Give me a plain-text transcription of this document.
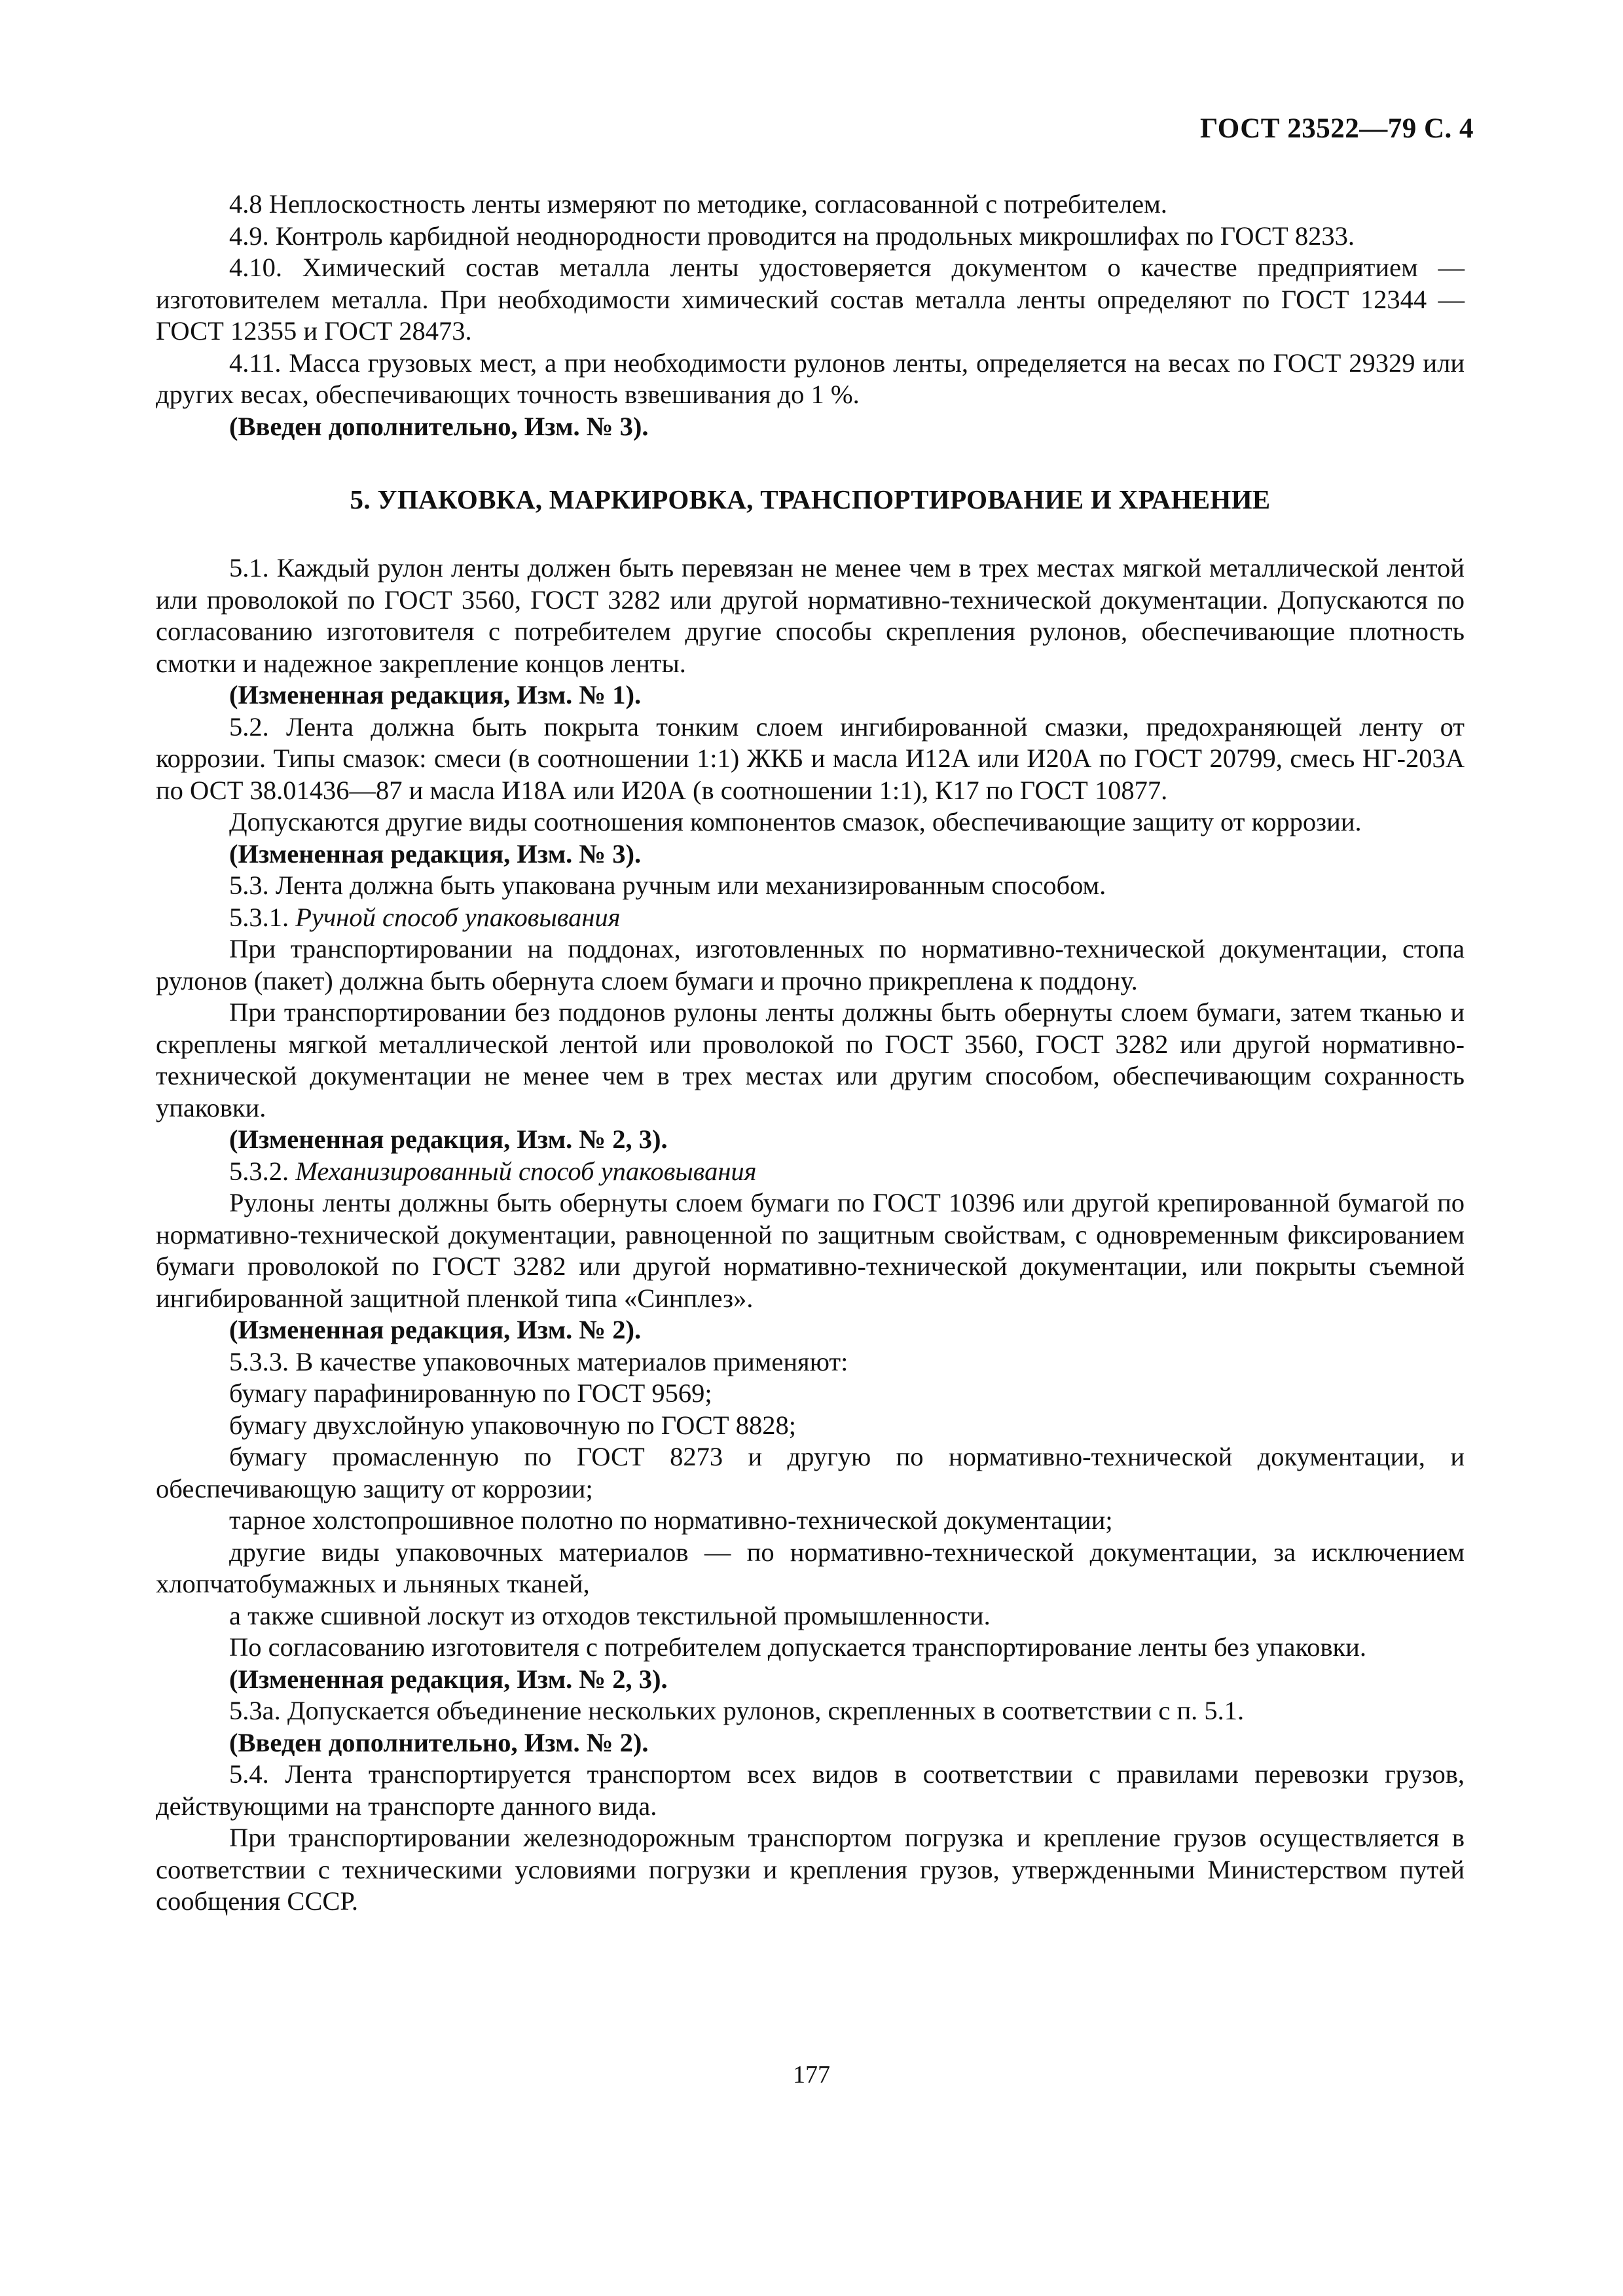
ГОСТ 23522—79 С. 4

4.8 Неплоскостность ленты измеряют по методике, согласованной с потребителем.

4.9. Контроль карбидной неоднородности проводится на продольных микрошлифах по ГОСТ 8233.

4.10. Химический состав металла ленты удостоверяется документом о качестве предприятием — изготовителем металла. При необходимости химический состав металла ленты определяют по ГОСТ 12344 — ГОСТ 12355 и ГОСТ 28473.

4.11. Масса грузовых мест, а при необходимости рулонов ленты, определяется на весах по ГОСТ 29329 или других весах, обеспечивающих точность взвешивания до 1 %.

(Введен дополнительно, Изм. № 3).

5. УПАКОВКА, МАРКИРОВКА, ТРАНСПОРТИРОВАНИЕ И ХРАНЕНИЕ

5.1. Каждый рулон ленты должен быть перевязан не менее чем в трех местах мягкой металлической лентой или проволокой по ГОСТ 3560, ГОСТ 3282 или другой нормативно-технической документации. Допускаются по согласованию изготовителя с потребителем другие способы скрепления рулонов, обеспечивающие плотность смотки и надежное закрепление концов ленты.

(Измененная редакция, Изм. № 1).

5.2. Лента должна быть покрыта тонким слоем ингибированной смазки, предохраняющей ленту от коррозии. Типы смазок: смеси (в соотношении 1:1) ЖКБ и масла И12А или И20А по ГОСТ 20799, смесь НГ-203А по ОСТ 38.01436—87 и масла И18А или И20А (в соотношении 1:1), К17 по ГОСТ 10877.

Допускаются другие виды соотношения компонентов смазок, обеспечивающие защиту от коррозии.

(Измененная редакция, Изм. № 3).

5.3. Лента должна быть упакована ручным или механизированным способом.

5.3.1. Ручной способ упаковывания

При транспортировании на поддонах, изготовленных по нормативно-технической документации, стопа рулонов (пакет) должна быть обернута слоем бумаги и прочно прикреплена к поддону.

При транспортировании без поддонов рулоны ленты должны быть обернуты слоем бумаги, затем тканью и скреплены мягкой металлической лентой или проволокой по ГОСТ 3560, ГОСТ 3282 или другой нормативно-технической документации не менее чем в трех местах или другим способом, обеспечивающим сохранность упаковки.

(Измененная редакция, Изм. № 2, 3).

5.3.2. Механизированный способ упаковывания

Рулоны ленты должны быть обернуты слоем бумаги по ГОСТ 10396 или другой крепированной бумагой по нормативно-технической документации, равноценной по защитным свойствам, с одновременным фиксированием бумаги проволокой по ГОСТ 3282 или другой нормативно-технической документации, или покрыты съемной ингибированной защитной пленкой типа «Синплез».

(Измененная редакция, Изм. № 2).

5.3.3. В качестве упаковочных материалов применяют:

бумагу парафинированную по ГОСТ 9569;

бумагу двухслойную упаковочную по ГОСТ 8828;

бумагу промасленную по ГОСТ 8273 и другую по нормативно-технической документации, и обеспечивающую защиту от коррозии;

тарное холстопрошивное полотно по нормативно-технической документации;

другие виды упаковочных материалов — по нормативно-технической документации, за исключением хлопчатобумажных и льняных тканей,

а также сшивной лоскут из отходов текстильной промышленности.

По согласованию изготовителя с потребителем допускается транспортирование ленты без упаковки.

(Измененная редакция, Изм. № 2, 3).

5.3а. Допускается объединение нескольких рулонов, скрепленных в соответствии с п. 5.1.

(Введен дополнительно, Изм. № 2).

5.4. Лента транспортируется транспортом всех видов в соответствии с правилами перевозки грузов, действующими на транспорте данного вида.

При транспортировании железнодорожным транспортом погрузка и крепление грузов осуществляется в соответствии с техническими условиями погрузки и крепления грузов, утвержденными Министерством путей сообщения СССР.

177
